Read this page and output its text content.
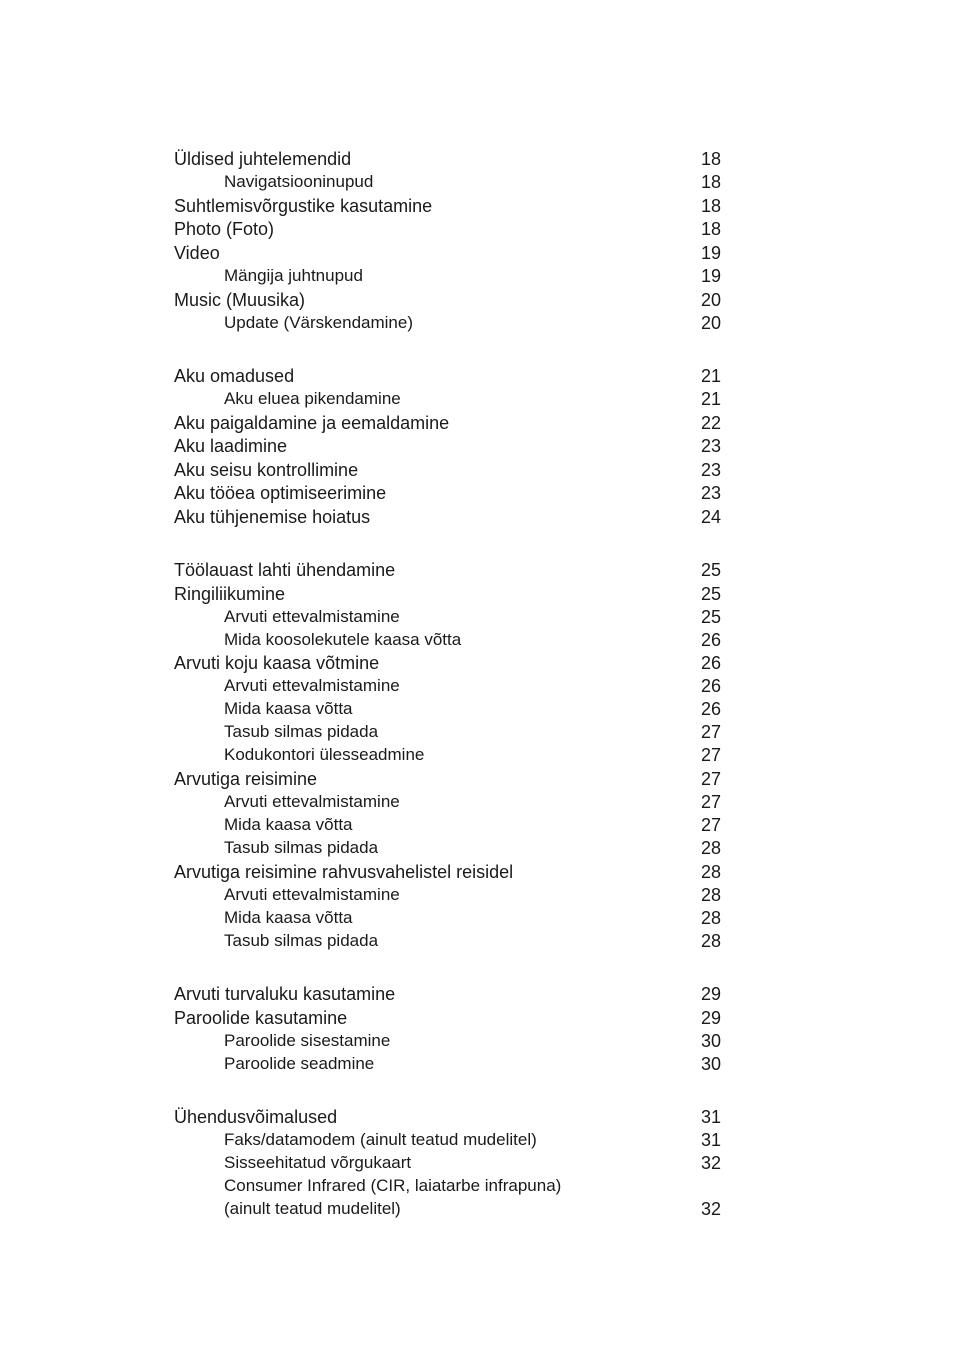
Üldised juhtelemendid	18
Navigatsiooninupud	18
Suhtlemisvõrgustike kasutamine	18
Photo (Foto)	18
Video	19
Mängija juhtnupud	19
Music (Muusika)	20
Update (Värskendamine)	20
Aku omadused	21
Aku eluea pikendamine	21
Aku paigaldamine ja eemaldamine	22
Aku laadimine	23
Aku seisu kontrollimine	23
Aku tööea optimiseerimine	23
Aku tühjenemise hoiatus	24
Töölauast lahti ühendamine	25
Ringiliikumine	25
Arvuti ettevalmistamine	25
Mida koosolekutele kaasa võtta	26
Arvuti koju kaasa võtmine	26
Arvuti ettevalmistamine	26
Mida kaasa võtta	26
Tasub silmas pidada	27
Kodukontori ülesseadmine	27
Arvutiga reisimine	27
Arvuti ettevalmistamine	27
Mida kaasa võtta	27
Tasub silmas pidada	28
Arvutiga reisimine rahvusvahelistel reisidel	28
Arvuti ettevalmistamine	28
Mida kaasa võtta	28
Tasub silmas pidada	28
Arvuti turvaluku kasutamine	29
Paroolide kasutamine	29
Paroolide sisestamine	30
Paroolide seadmine	30
Ühendusvõimalused	31
Faks/datamodem (ainult teatud mudelitel)	31
Sisseehitatud võrgukaart	32
Consumer Infrared (CIR, laiatarbe infrapuna)
(ainult teatud mudelitel)	32
